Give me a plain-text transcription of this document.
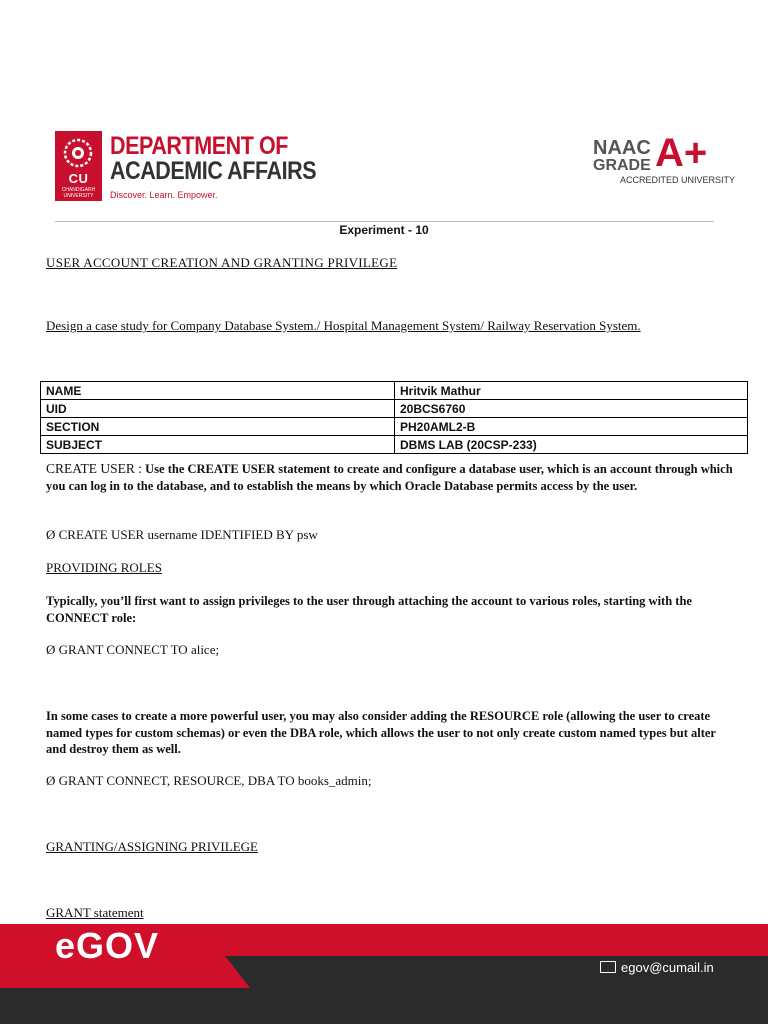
CU
CHANDIGARH UNIVERSITY
DEPARTMENT OF
ACADEMIC AFFAIRS
Discover. Learn. Empower.
NAAC
GRADE A+
ACCREDITED UNIVERSITY
Experiment - 10
USER ACCOUNT CREATION AND GRANTING PRIVILEGE
Design a case study for Company Database System./ Hospital Management System/ Railway Reservation System.
NAME	Hritvik Mathur
UID	20BCS6760
SECTION	PH20AML2-B
SUBJECT	DBMS LAB (20CSP-233)
CREATE USER : Use the CREATE USER statement to create and configure a database user, which is an account through which you can log in to the database, and to establish the means by which Oracle Database permits access by the user.
Ø CREATE USER username IDENTIFIED BY psw
PROVIDING ROLES
Typically, you’ll first want to assign privileges to the user through attaching the account to various roles, starting with the CONNECT role:
Ø GRANT CONNECT TO alice;
In some cases to create a more powerful user, you may also consider adding the RESOURCE role (allowing the user to create named types for custom schemas) or even the DBA role, which allows the user to not only create custom named types but alter and destroy them as well.
Ø GRANT CONNECT, RESOURCE, DBA TO books_admin;
GRANTING/ASSIGNING PRIVILEGE
GRANT statement
eGOV
egov@cumail.in
